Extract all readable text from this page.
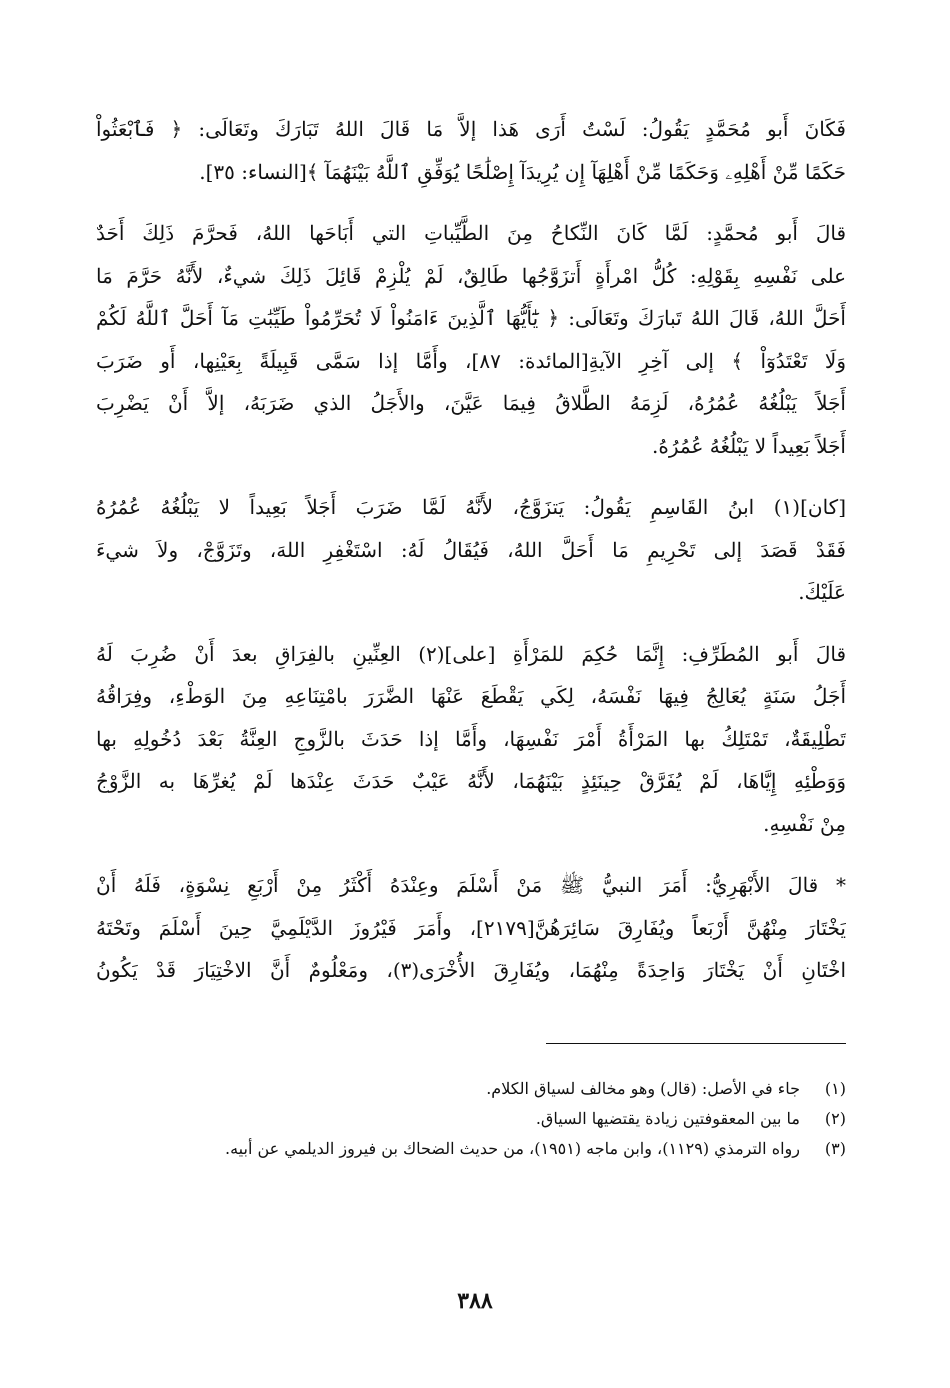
فَكَانَ أَبو مُحَمَّدٍ يَقُولُ: لَسْتُ أَرَى هَذا إلاَّ مَا قَالَ اللهُ تَبَارَكَ وتَعَالَى: ﴿ فَٱبْعَثُواْ
حَكَمًا مِّنْ أَهْلِهِۦ وَحَكَمًا مِّنْ أَهْلِهَآ إِن يُرِيدَآ إِصْلَٰحًا يُوَفِّقِ ٱللَّهُ بَيْنَهُمَآ ﴾[النساء: ٣٥].

قالَ أَبو مُحمَّدٍ: لَمَّا كَانَ النِّكاحُ مِنَ الطَّيِّباتِ التي أَبَاحَها اللهُ، فَحرَّمَ ذَلِكَ أَحَدٌ
على نَفْسِهِ بِقَوْلِهِ: كُلُّ امْرأَةٍ أَتزَوَّجُها طَالِقٌ، لَمْ يُلْزِمْ قَائِلَ ذَلِكَ شيءٌ، لأَنَّهُ حَرَّمَ مَا
أَحَلَّ اللهُ، قَالَ اللهُ تَبارَكَ وتَعَالَى: ﴿ يَٰٓأَيُّهَا ٱلَّذِينَ ءَامَنُواْ لَا تُحَرِّمُواْ طَيِّبَٰتِ مَآ أَحَلَّ ٱللَّهُ لَكُمْ
وَلَا تَعْتَدُوٓاْ ﴾ إلى آخِرِ الآيةِ[المائدة: ٨٧]، وأَمَّا إذا سَمَّى قَبِيلَةً بِعَيْنِها، أَو ضَرَبَ
أَجَلاً يَبْلُغُهُ عُمُرُهُ، لَزِمَهُ الطَّلاقُ فِيمَا عَيَّنَ، والأَجَلُ الذي ضَرَبَهُ، إلاَّ أَنْ يَضْرِبَ
أَجَلاً بَعِيداً لا يَبْلُغُهُ عُمُرُهُ.

[كان](١) ابنُ القَاسِمِ يَقُولُ: يَتزَوَّجُ، لأَنَّهُ لَمَّا ضَرَبَ أَجَلاً بَعِيداً لا يَبْلُغُهُ عُمُرُهُ
فَقَدْ قَصَدَ إلى تَحْرِيمِ مَا أَحَلَّ اللهُ، فَيُقَالُ لَهُ: اسْتَغْفِرِ اللهَ، وتَزَوَّجْ، ولاَ شيءَ
عَلَيْكَ.

قالَ أَبو المُطَرِّفِ: إِنَّمَا حُكِمَ للمَرْأَةِ [على](٢) العِنِّينِ بالفِرَاقِ بعدَ أَنْ ضُرِبَ لَهُ
أَجَلُ سَنَةٍ يُعَالِجُ فِيهَا نَفْسَهُ، لِكَي يَقْطَعَ عَنْهَا الضَّرَرَ بامْتِنَاعِهِ مِنَ الوَطْءِ، وفِرَاقُهُ
تَطْلِيقَةٌ، تَمْتَلِكُ بها المَرْأَةُ أَمْرَ نَفْسِهَا، وأَمَّا إذا حَدَثَ بالزَّوجِ العِنَّةُ بَعْدَ دُخُولِهِ بها
وَوَطْئِهِ إِيَّاهَا، لَمْ يُفَرَّقْ حِينَئِذٍ بَيْنَهُمَا، لأَنَّهُ عَيْبٌ حَدَثَ عِنْدَها لَمْ يُغرِّهَا به الزَّوْجُ
مِنْ نَفْسِهِ.

* قالَ الأَبْهَرِيُّ: أَمَرَ النبيُّ ﷺ مَنْ أَسْلَمَ وعِنْدَهُ أَكْثَرُ مِنْ أَرْبَعِ نِسْوَةٍ، فَلَهُ أَنْ
يَخْتَارَ مِنْهُنَّ أَرْبَعاً ويُفَارِقَ سَائِرَهُنَّ[٢١٧٩]، وأَمَرَ فَيْرُوزَ الدَّيْلَمِيَّ حِينَ أَسْلَمَ وتَحْتَهُ
اخْتَانِ أَنْ يَخْتَارَ وَاحِدَةً مِنْهُمَا، ويُفَارِقَ الأُخْرَى(٣)، ومَعْلُومٌ أَنَّ الاخْتِيَارَ قَدْ يَكُونُ

(١)
جاء في الأصل: (قال) وهو مخالف لسياق الكلام.
(٢)
ما بين المعقوفتين زيادة يقتضيها السياق.
(٣)
رواه الترمذي (١١٢٩)، وابن ماجه (١٩٥١)، من حديث الضحاك بن فيروز الديلمي عن أبيه.
٣٨٨
